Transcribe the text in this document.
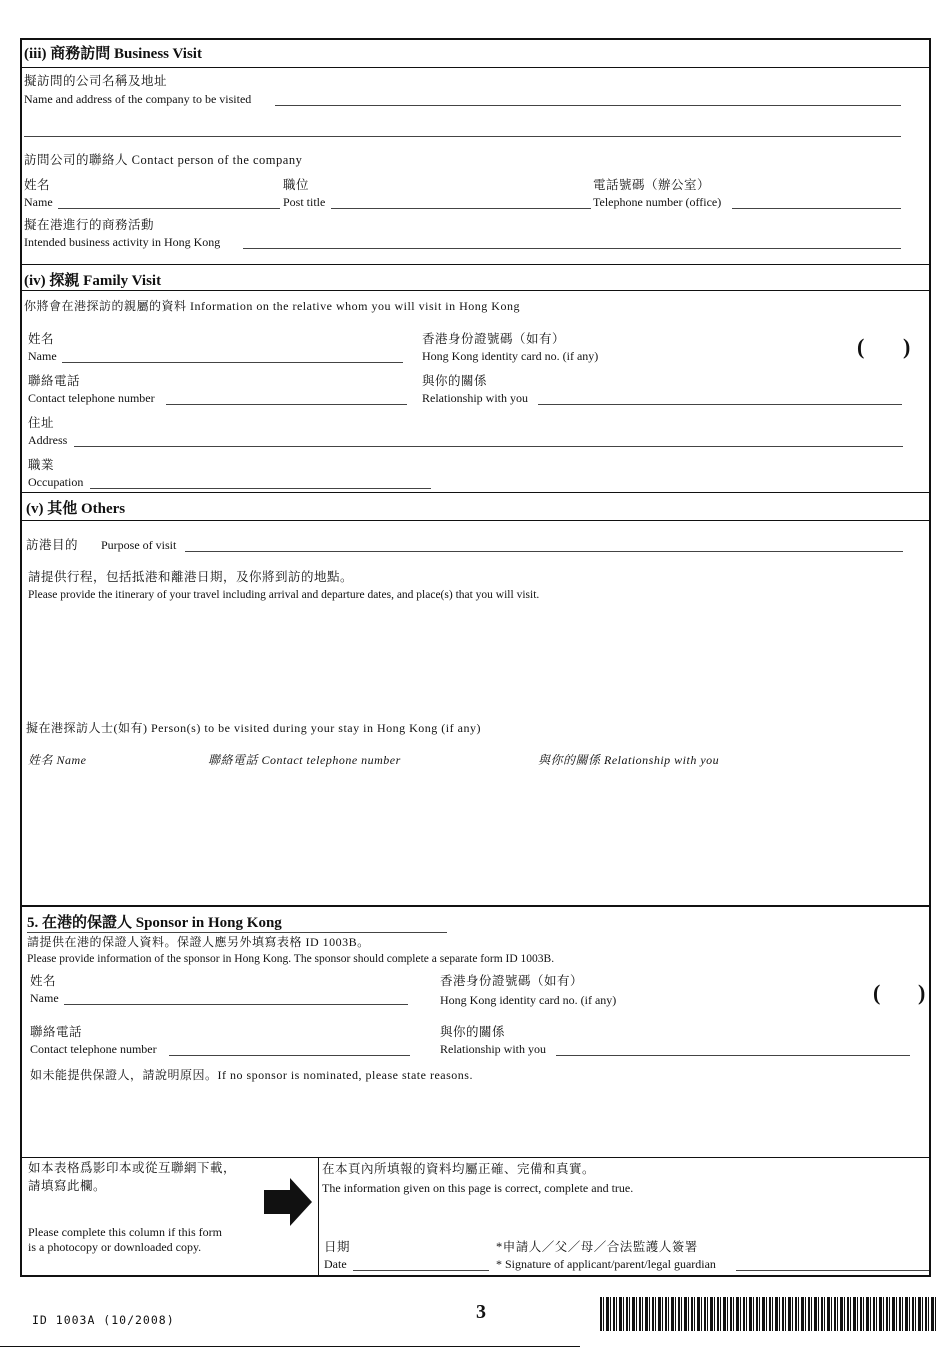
(iii) 商務訪問 Business Visit
擬訪問的公司名稱及地址
Name and address of the company to be visited
訪問公司的聯絡人 Contact person of the company
姓名
Name
職位
Post title
電話號碼（辦公室）
Telephone number (office)
擬在港進行的商務活動
Intended business activity in Hong Kong
(iv) 探親 Family Visit
你將會在港探訪的親屬的資料 Information on the relative whom you will visit in Hong Kong
姓名
Name
香港身份證號碼（如有）
Hong Kong identity card no. (if any)	( )
聯絡電話
Contact telephone number
與你的關係
Relationship with you
住址
Address
職業
Occupation
(v) 其他 Others
訪港目的 Purpose of visit
請提供行程，包括抵港和離港日期，及你將到訪的地點。
Please provide the itinerary of your travel including arrival and departure dates, and place(s) that you will visit.
擬在港探訪人士(如有) Person(s) to be visited during your stay in Hong Kong (if any)
姓名 Name	聯絡電話 Contact telephone number	與你的關係 Relationship with you
5. 在港的保證人 Sponsor in Hong Kong
請提供在港的保證人資料。保證人應另外填寫表格 ID 1003B。
Please provide information of the sponsor in Hong Kong. The sponsor should complete a separate form ID 1003B.
姓名
Name
香港身份證號碼（如有）
Hong Kong identity card no. (if any)	( )
聯絡電話
Contact telephone number
與你的關係
Relationship with you
如未能提供保證人，請說明原因。If no sponsor is nominated, please state reasons.
如本表格爲影印本或從互聯網下載，
請填寫此欄。
Please complete this column if this form
is a photocopy or downloaded copy.
在本頁內所填報的資料均屬正確、完備和真實。
The information given on this page is correct, complete and true.
日期
Date
*申請人／父／母／合法監護人簽署
* Signature of applicant/parent/legal guardian
ID 1003A (10/2008)	3
